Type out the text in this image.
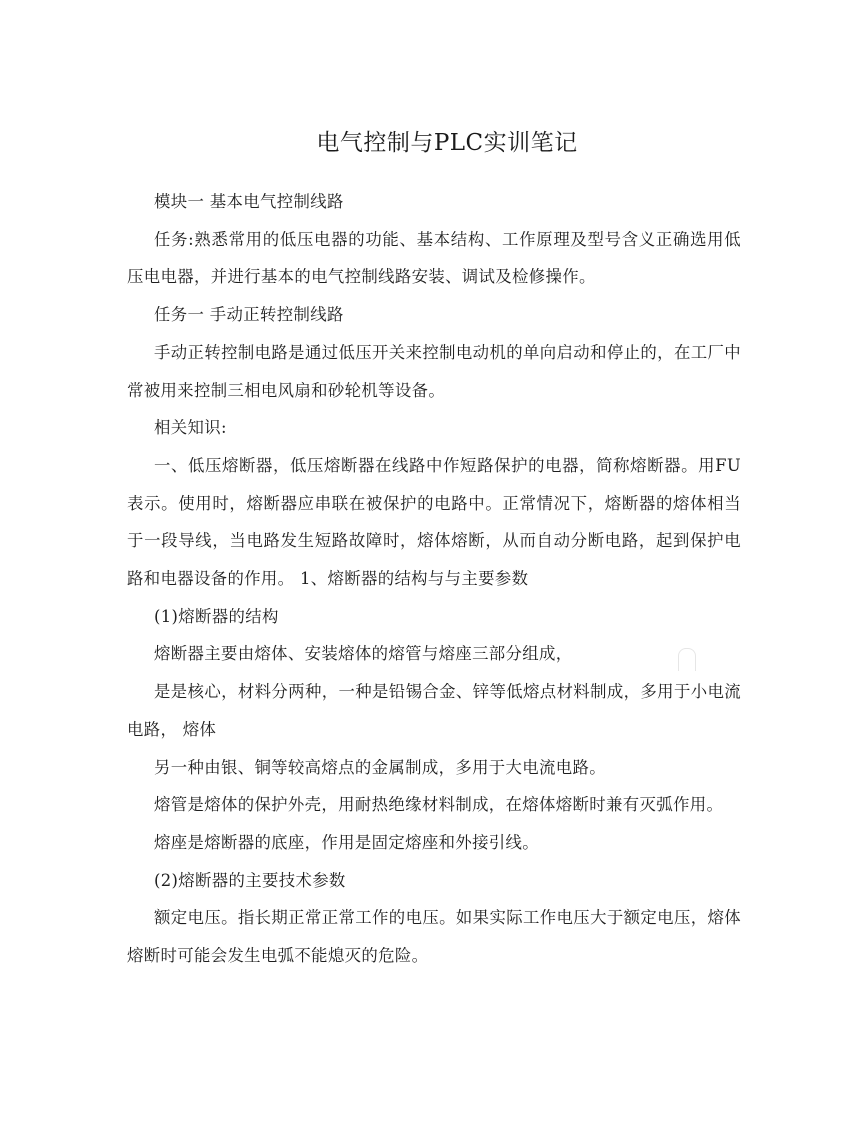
电气控制与PLC实训笔记

模块一 基本电气控制线路

任务:熟悉常用的低压电器的功能、基本结构、工作原理及型号含义正确选用低压电电器，并进行基本的电气控制线路安装、调试及检修操作。

任务一 手动正转控制线路

手动正转控制电路是通过低压开关来控制电动机的单向启动和停止的，在工厂中常被用来控制三相电风扇和砂轮机等设备。

相关知识:

一、低压熔断器，低压熔断器在线路中作短路保护的电器，简称熔断器。用FU表示。使用时，熔断器应串联在被保护的电路中。正常情况下，熔断器的熔体相当于一段导线，当电路发生短路故障时，熔体熔断，从而自动分断电路，起到保护电路和电器设备的作用。 1、熔断器的结构与与主要参数

(1)熔断器的结构

熔断器主要由熔体、安装熔体的熔管与熔座三部分组成，

是是核心，材料分两种，一种是铅锡合金、锌等低熔点材料制成，多用于小电流电路， 熔体

另一种由银、铜等较高熔点的金属制成，多用于大电流电路。

熔管是熔体的保护外壳，用耐热绝缘材料制成，在熔体熔断时兼有灭弧作用。

熔座是熔断器的底座，作用是固定熔座和外接引线。

(2)熔断器的主要技术参数

额定电压。指长期正常正常工作的电压。如果实际工作电压大于额定电压，熔体熔断时可能会发生电弧不能熄灭的危险。
